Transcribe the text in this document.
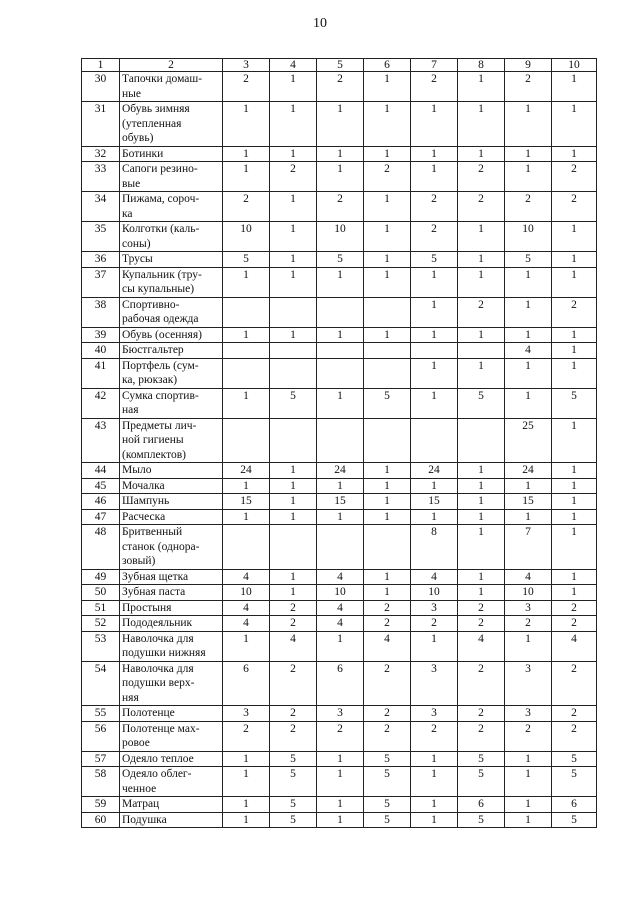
10
1	2	3	4	5	6	7	8	9	10
30	Тапочки домаш-
ные	2	1	2	1	2	1	2	1
31	Обувь зимняя
(утепленная
обувь)	1	1	1	1	1	1	1	1
32	Ботинки	1	1	1	1	1	1	1	1
33	Сапоги резино-
вые	1	2	1	2	1	2	1	2
34	Пижама, сороч-
ка	2	1	2	1	2	2	2	2
35	Колготки (каль-
соны)	10	1	10	1	2	1	10	1
36	Трусы	5	1	5	1	5	1	5	1
37	Купальник (тру-
сы купальные)	1	1	1	1	1	1	1	1
38	Спортивно-
рабочая одежда					1	2	1	2
39	Обувь (осенняя)	1	1	1	1	1	1	1	1
40	Бюстгальтер							4	1
41	Портфель (сум-
ка, рюкзак)					1	1	1	1
42	Сумка спортив-
ная	1	5	1	5	1	5	1	5
43	Предметы лич-
ной гигиены
(комплектов)							25	1
44	Мыло	24	1	24	1	24	1	24	1
45	Мочалка	1	1	1	1	1	1	1	1
46	Шампунь	15	1	15	1	15	1	15	1
47	Расческа	1	1	1	1	1	1	1	1
48	Бритвенный
станок (однора-
зовый)					8	1	7	1
49	Зубная щетка	4	1	4	1	4	1	4	1
50	Зубная паста	10	1	10	1	10	1	10	1
51	Простыня	4	2	4	2	3	2	3	2
52	Пододеяльник	4	2	4	2	2	2	2	2
53	Наволочка для
подушки нижняя	1	4	1	4	1	4	1	4
54	Наволочка для
подушки верх-
няя	6	2	6	2	3	2	3	2
55	Полотенце	3	2	3	2	3	2	3	2
56	Полотенце мах-
ровое	2	2	2	2	2	2	2	2
57	Одеяло теплое	1	5	1	5	1	5	1	5
58	Одеяло облег-
ченное	1	5	1	5	1	5	1	5
59	Матрац	1	5	1	5	1	6	1	6
60	Подушка	1	5	1	5	1	5	1	5
